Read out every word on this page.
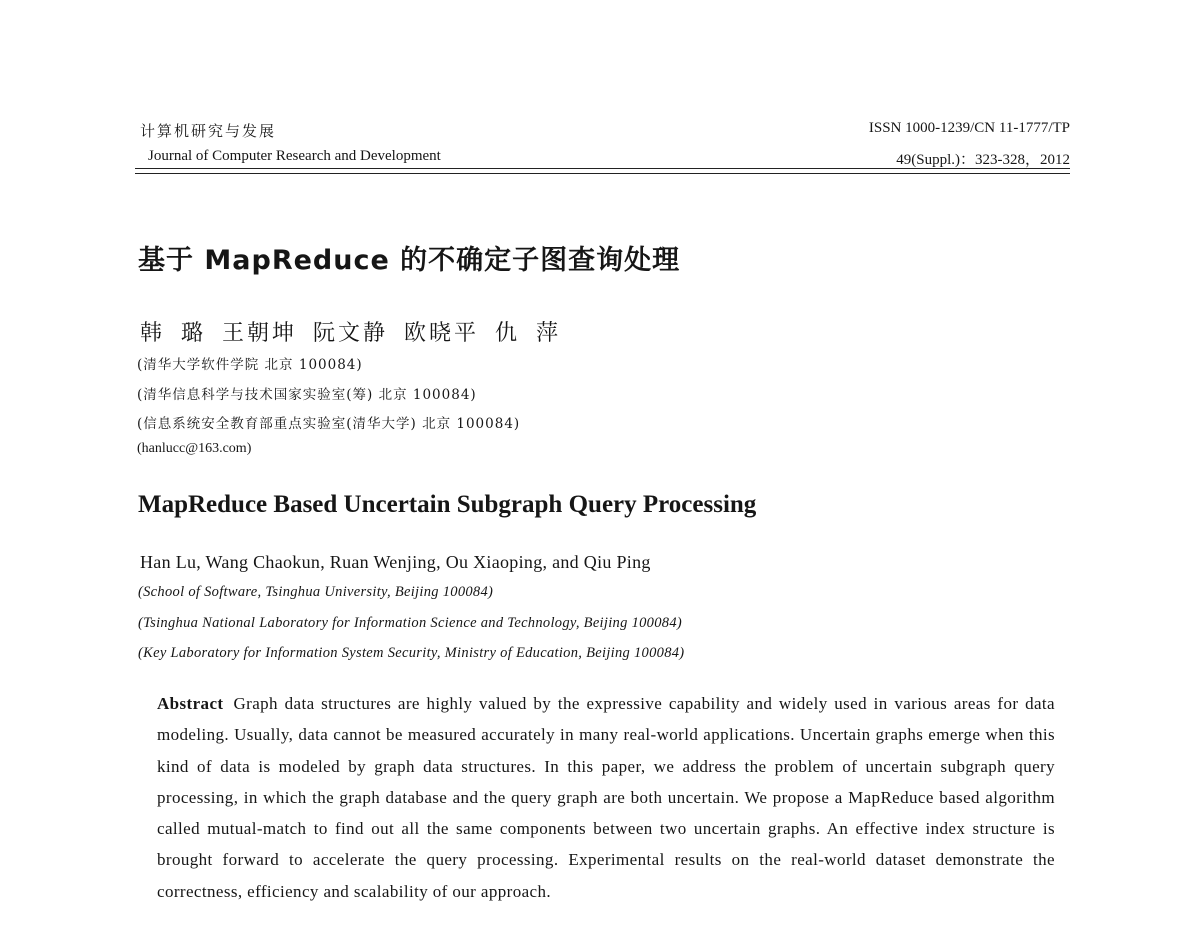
计算机研究与发展
Journal of Computer Research and Development
ISSN 1000-1239/CN 11-1777/TP
49(Suppl.)：323-328，2012
基于 MapReduce 的不确定子图查询处理
韩 璐 王朝坤 阮文静 欧晓平 仇 萍
(清华大学软件学院 北京 100084)
(清华信息科学与技术国家实验室(筹) 北京 100084)
(信息系统安全教育部重点实验室(清华大学) 北京 100084)
(hanlucc@163.com)
MapReduce Based Uncertain Subgraph Query Processing
Han Lu, Wang Chaokun, Ruan Wenjing, Ou Xiaoping, and Qiu Ping
(School of Software, Tsinghua University, Beijing 100084)
(Tsinghua National Laboratory for Information Science and Technology, Beijing 100084)
(Key Laboratory for Information System Security, Ministry of Education, Beijing 100084)

Abstract Graph data structures are highly valued by the expressive capability and widely used in various areas for data modeling. Usually, data cannot be measured accurately in many real-world applications. Uncertain graphs emerge when this kind of data is modeled by graph data structures. In this paper, we address the problem of uncertain subgraph query processing, in which the graph database and the query graph are both uncertain. We propose a MapReduce based algorithm called mutual-match to find out all the same components between two uncertain graphs. An effective index structure is brought forward to accelerate the query processing. Experimental results on the real-world dataset demonstrate the correctness, efficiency and scalability of our approach.
